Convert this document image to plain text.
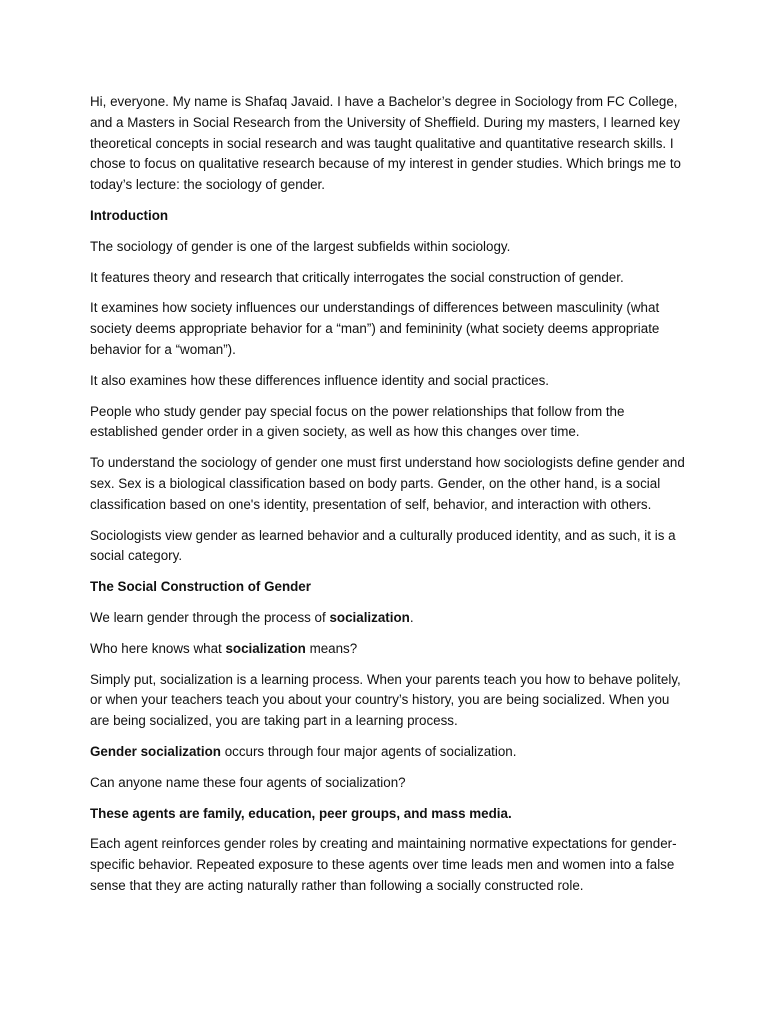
Hi, everyone. My name is Shafaq Javaid. I have a Bachelor’s degree in Sociology from FC College, and a Masters in Social Research from the University of Sheffield. During my masters, I learned key theoretical concepts in social research and was taught qualitative and quantitative research skills. I chose to focus on qualitative research because of my interest in gender studies. Which brings me to today’s lecture: the sociology of gender.

Introduction

The sociology of gender is one of the largest subfields within sociology.

It features theory and research that critically interrogates the social construction of gender.

It examines how society influences our understandings of differences between masculinity (what society deems appropriate behavior for a “man”) and femininity (what society deems appropriate behavior for a “woman”).

It also examines how these differences influence identity and social practices.

People who study gender pay special focus on the power relationships that follow from the established gender order in a given society, as well as how this changes over time.

To understand the sociology of gender one must first understand how sociologists define gender and sex. Sex is a biological classification based on body parts. Gender, on the other hand, is a social classification based on one's identity, presentation of self, behavior, and interaction with others.

Sociologists view gender as learned behavior and a culturally produced identity, and as such, it is a social category.

The Social Construction of Gender

We learn gender through the process of socialization.

Who here knows what socialization means?

Simply put, socialization is a learning process. When your parents teach you how to behave politely, or when your teachers teach you about your country’s history, you are being socialized. When you are being socialized, you are taking part in a learning process.

Gender socialization occurs through four major agents of socialization.

Can anyone name these four agents of socialization?

These agents are family, education, peer groups, and mass media.

Each agent reinforces gender roles by creating and maintaining normative expectations for gender-specific behavior. Repeated exposure to these agents over time leads men and women into a false sense that they are acting naturally rather than following a socially constructed role.
